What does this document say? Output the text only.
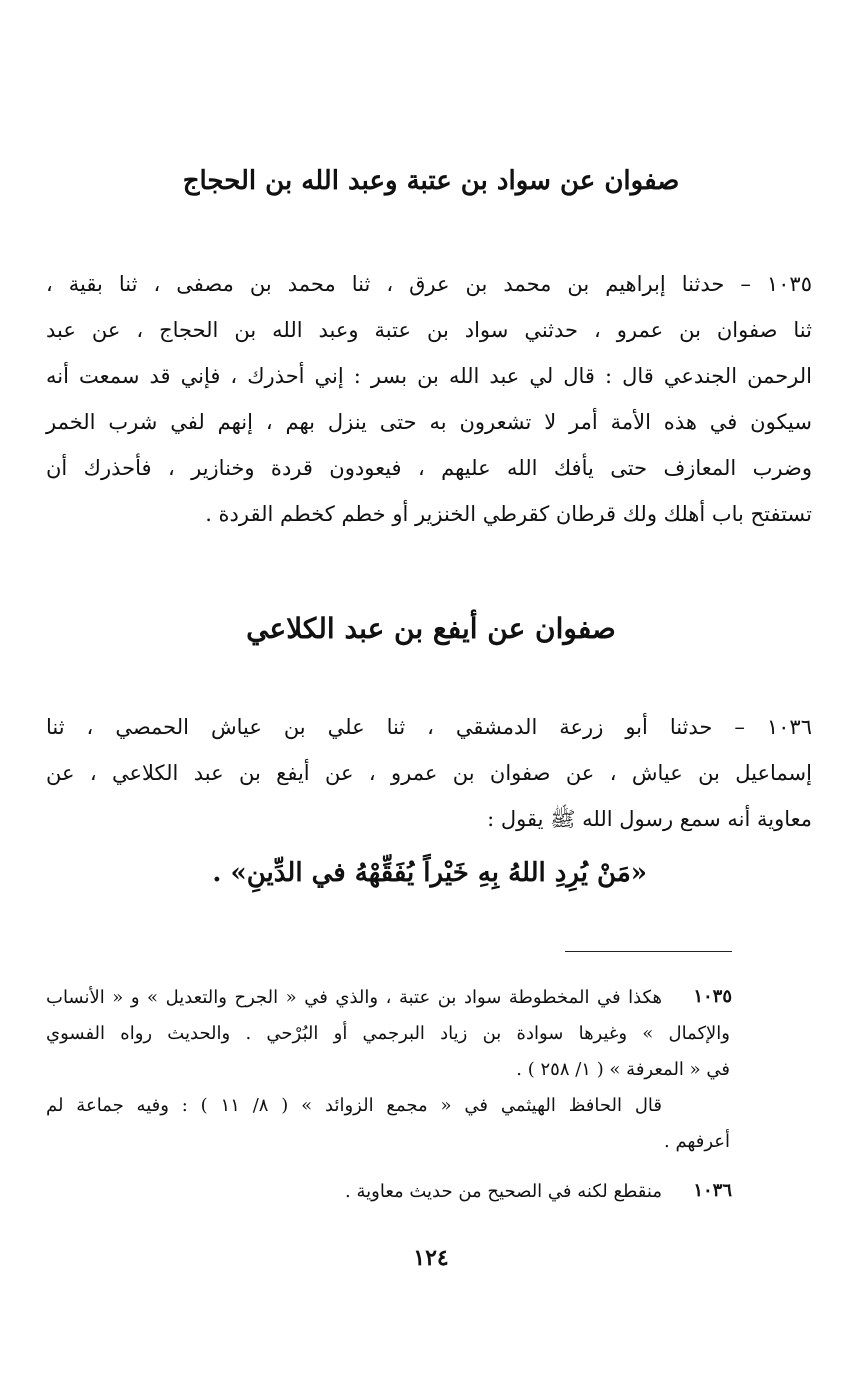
صفوان عن سواد بن عتبة وعبد الله بن الحجاج
١٠٣٥ – حدثنا إبراهيم بن محمد بن عرق ، ثنا محمد بن مصفى ، ثنا بقية ،
ثنا صفوان بن عمرو ، حدثني سواد بن عتبة وعبد الله بن الحجاج ، عن عبد
الرحمن الجندعي قال : قال لي عبد الله بن بسر : إني أحذرك ، فإني قد سمعت أنه
سيكون في هذه الأمة أمر لا تشعرون به حتى ينزل بهم ، إنهم لفي شرب الخمر
وضرب المعازف حتى يأفك الله عليهم ، فيعودون قردة وخنازير ، فأحذرك أن
تستفتح باب أهلك ولك قرطان كقرطي الخنزير أو خطم كخطم القردة .
صفوان عن أيفع بن عبد الكلاعي
١٠٣٦ – حدثنا أبو زرعة الدمشقي ، ثنا علي بن عياش الحمصي ، ثنا
إسماعيل بن عياش ، عن صفوان بن عمرو ، عن أيفع بن عبد الكلاعي ، عن
معاوية أنه سمع رسول الله ﷺ يقول :
«مَنْ يُرِدِ اللهُ بِهِ خَيْراً يُفَقِّهْهُ في الدِّينِ» .
١٠٣٥
هكذا في المخطوطة سواد بن عتبة ، والذي في « الجرح والتعديل » و « الأنساب
والإكمال » وغيرها سوادة بن زياد البرجمي أو البُرْحي . والحديث رواه الفسوي
في « المعرفة » ( ١/ ٢٥٨ ) .
قال الحافظ الهيثمي في « مجمع الزوائد » ( ٨/ ١١ ) : وفيه جماعة لم
أعرفهم .
١٠٣٦
منقطع لكنه في الصحيح من حديث معاوية .
١٢٤
